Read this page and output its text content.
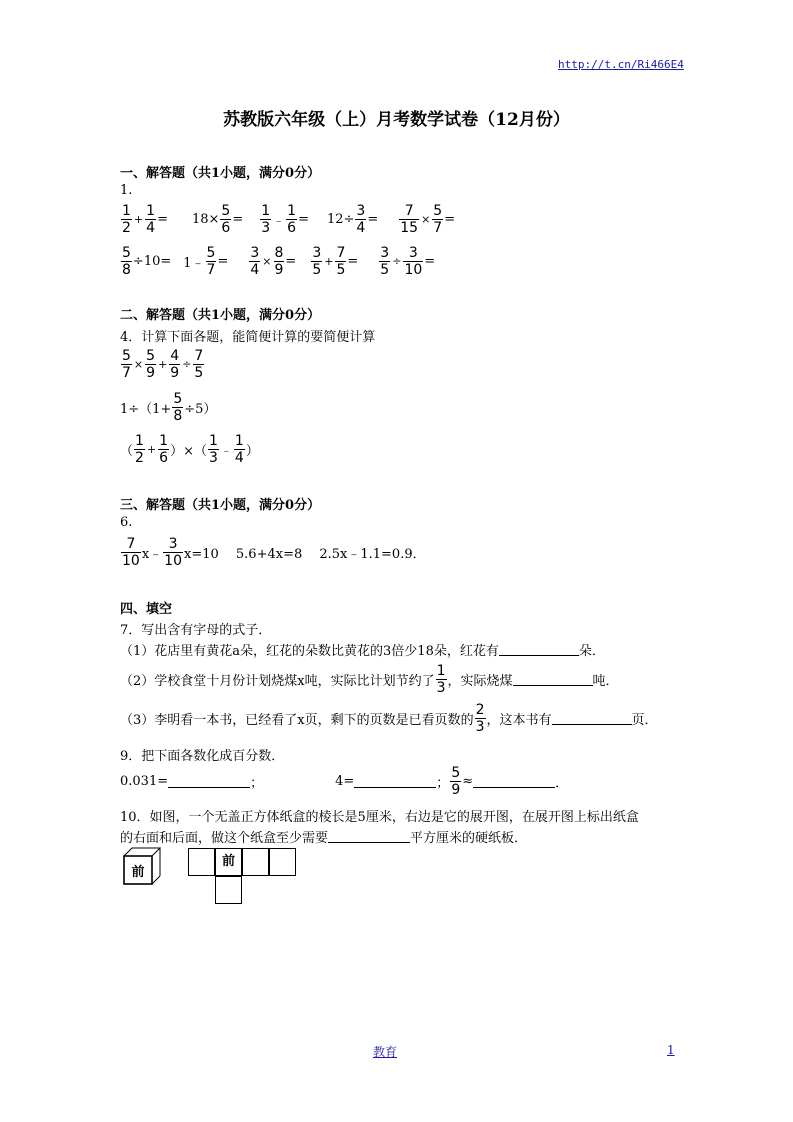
http://t.cn/Ri466E4
苏教版六年级（上）月考数学试卷（12月份）
一、解答题（共1小题，满分0分）
1.
$\frac{1}{2} + \frac{1}{4} = 18\times \frac{5}{6} = \frac{1}{3}$ ﹣ $\frac{1}{6} = 12\div \frac{3}{4} = \frac{7}{15} \times \frac{5}{7}$ =
$\frac{5}{8} \div 10=$ 1﹣ $\frac{5}{7} = \frac{3}{4} \times \frac{8}{9} = \frac{3}{5} + \frac{7}{5} = \frac{3}{5} \div \frac{3}{10}$ =
二、解答题（共1小题，满分0分）
4．计算下面各题，能简便计算的要简便计算
$\frac{5}{7} \times \frac{5}{9} + \frac{4}{9} \div \frac{7}{5}$
$1\div(1+ \frac{5}{8} \div 5)$
（ $\frac{1}{2} + \frac{1}{6}$ ）×（ $\frac{1}{3}$ ﹣ $\frac{1}{4}$ ）
三、解答题（共1小题，满分0分）
6.
$\frac{7}{10}$ x﹣ $\frac{3}{10} x=10$　 5.6+4x=8　 2.5x﹣1.1=0.9．
四、填空
7．写出含有字母的式子．
（1）花店里有黄花a朵，红花的朵数比黄花的3倍少18朵，红花有	朵．
（2）学校食堂十月份计划烧煤x吨，实际比计划节约了 $\frac{1}{3}$ ，实际烧煤	吨．
（3）李明看一本书，已经看了x页，剩下的页数是已看页数的 $\frac{2}{3}$ ，这本书有	页．
9．把下面各数化成百分数．
0.031=	；	4=	； $\frac{5}{9}$ ≈	．
10．如图，一个无盖正方体纸盒的棱长是5厘米，右边是它的展开图，在展开图上标出纸盒
的右面和后面，做这个纸盒至少需要	平方厘米的硬纸板．
前
前
教育	1
